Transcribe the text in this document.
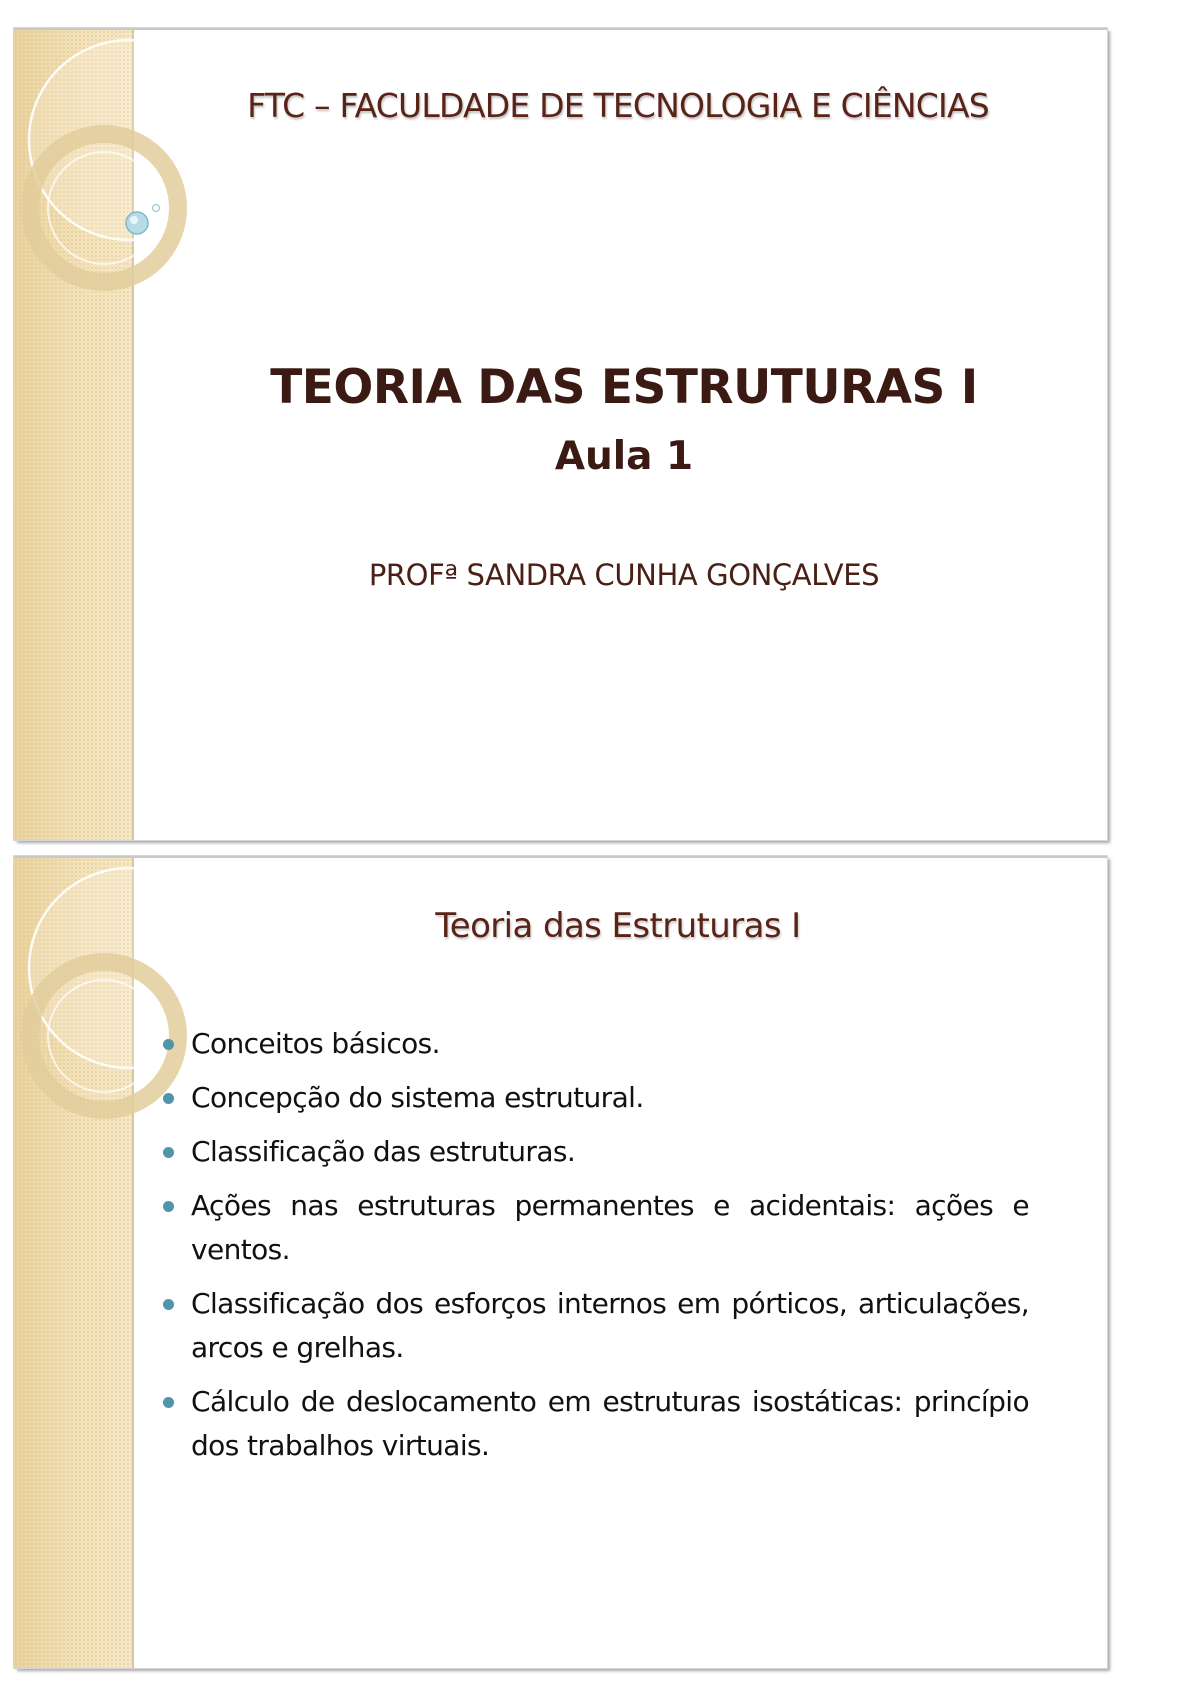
FTC – FACULDADE DE TECNOLOGIA E CIÊNCIAS
TEORIA DAS ESTRUTURAS I
Aula 1
PROFª SANDRA CUNHA GONÇALVES
Teoria das Estruturas I
Conceitos básicos.
Concepção do sistema estrutural.
Classificação das estruturas.
Ações nas estruturas permanentes e acidentais: ações e ventos.
Classificação dos esforços internos em pórticos, articulações, arcos e grelhas.
Cálculo de deslocamento em estruturas isostáticas: princípio dos trabalhos virtuais.
